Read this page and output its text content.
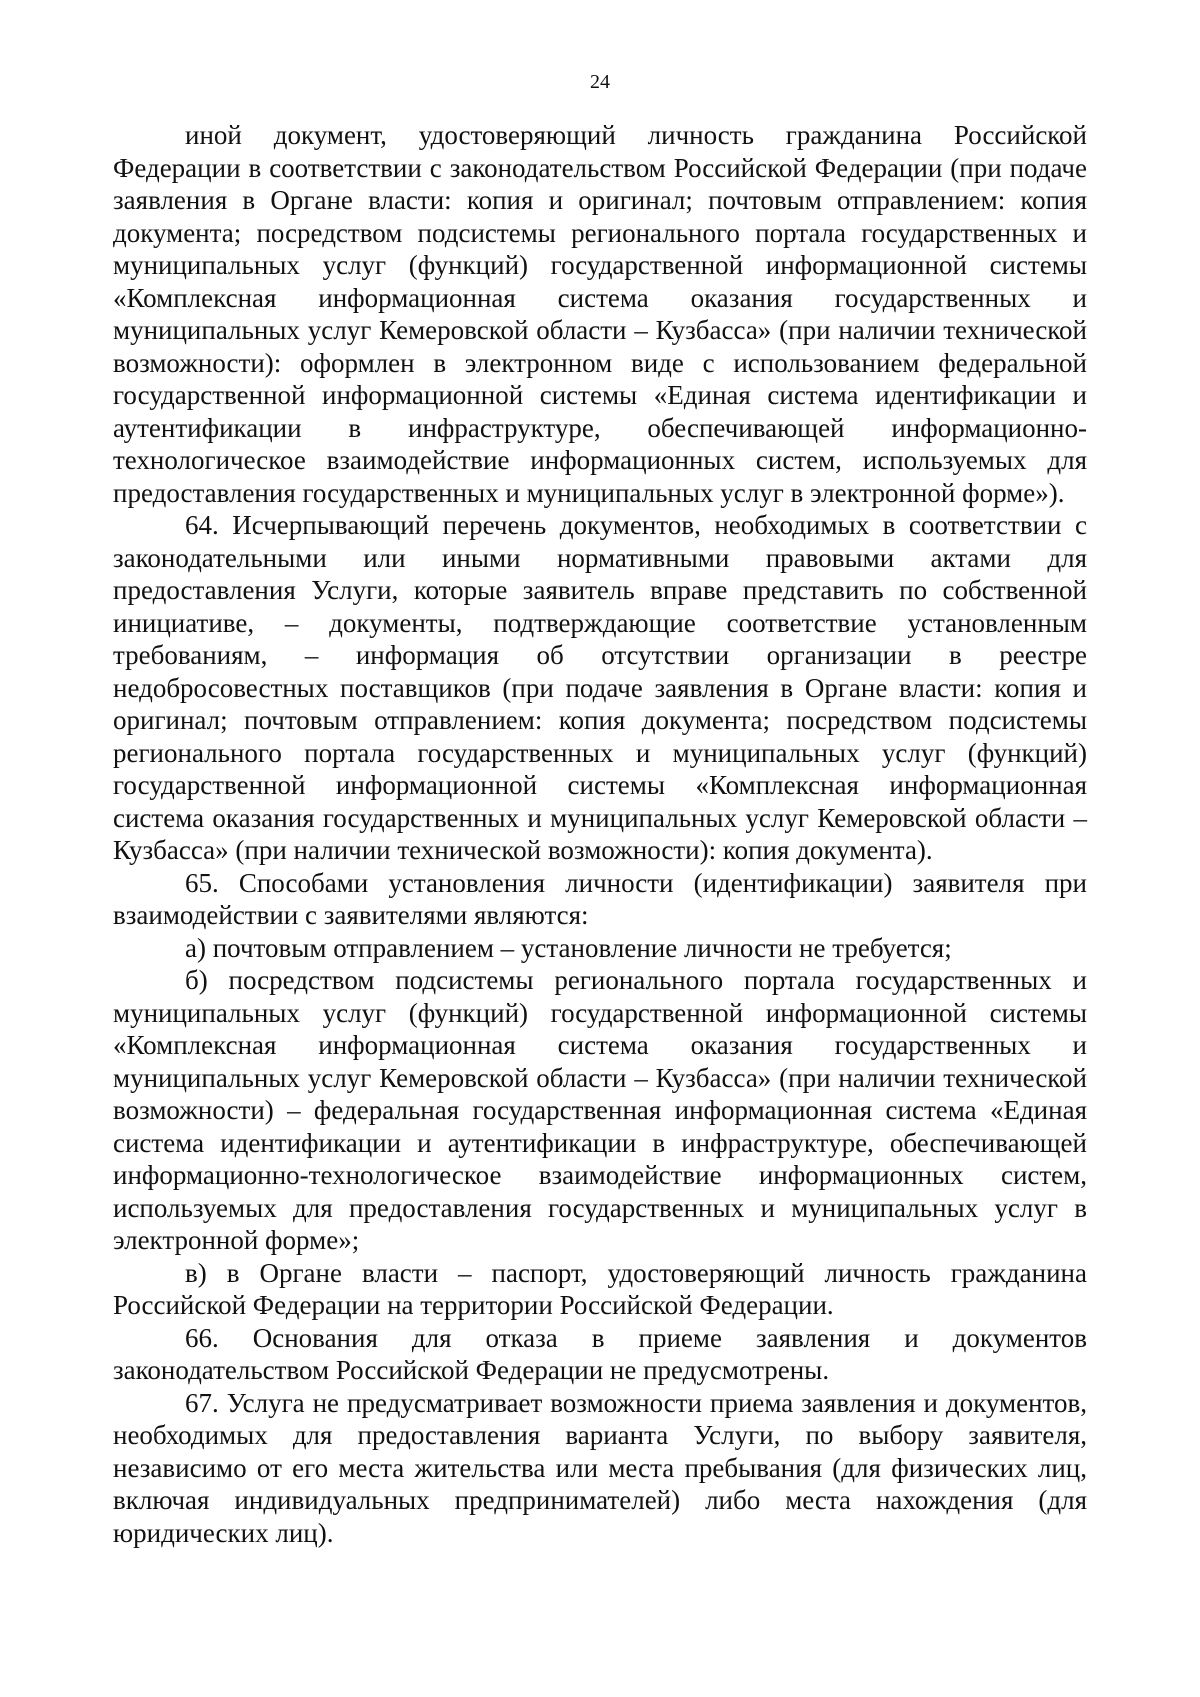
24

иной документ, удостоверяющий личность гражданина Российской Федерации в соответствии с законодательством Российской Федерации (при подаче заявления в Органе власти: копия и оригинал; почтовым отправлением: копия документа; посредством подсистемы регионального портала государственных и муниципальных услуг (функций) государственной информационной системы «Комплексная информационная система оказания государственных и муниципальных услуг Кемеровской области – Кузбасса» (при наличии технической возможности): оформлен в электронном виде с использованием федеральной государственной информационной системы «Единая система идентификации и аутентификации в инфраструктуре, обеспечивающей информационно-технологическое взаимодействие информационных систем, используемых для предоставления государственных и муниципальных услуг в электронной форме»).

64. Исчерпывающий перечень документов, необходимых в соответствии с законодательными или иными нормативными правовыми актами для предоставления Услуги, которые заявитель вправе представить по собственной инициативе, – документы, подтверждающие соответствие установленным требованиям, – информация об отсутствии организации в реестре недобросовестных поставщиков (при подаче заявления в Органе власти: копия и оригинал; почтовым отправлением: копия документа; посредством подсистемы регионального портала государственных и муниципальных услуг (функций) государственной информационной системы «Комплексная информационная система оказания государственных и муниципальных услуг Кемеровской области – Кузбасса» (при наличии технической возможности): копия документа).

65. Способами установления личности (идентификации) заявителя при взаимодействии с заявителями являются:

а) почтовым отправлением – установление личности не требуется;

б) посредством подсистемы регионального портала государственных и муниципальных услуг (функций) государственной информационной системы «Комплексная информационная система оказания государственных и муниципальных услуг Кемеровской области – Кузбасса» (при наличии технической возможности) – федеральная государственная информационная система «Единая система идентификации и аутентификации в инфраструктуре, обеспечивающей информационно-технологическое взаимодействие информационных систем, используемых для предоставления государственных и муниципальных услуг в электронной форме»;

в) в Органе власти – паспорт, удостоверяющий личность гражданина Российской Федерации на территории Российской Федерации.

66. Основания для отказа в приеме заявления и документов законодательством Российской Федерации не предусмотрены.

67. Услуга не предусматривает возможности приема заявления и документов, необходимых для предоставления варианта Услуги, по выбору заявителя, независимо от его места жительства или места пребывания (для физических лиц, включая индивидуальных предпринимателей) либо места нахождения (для юридических лиц).
